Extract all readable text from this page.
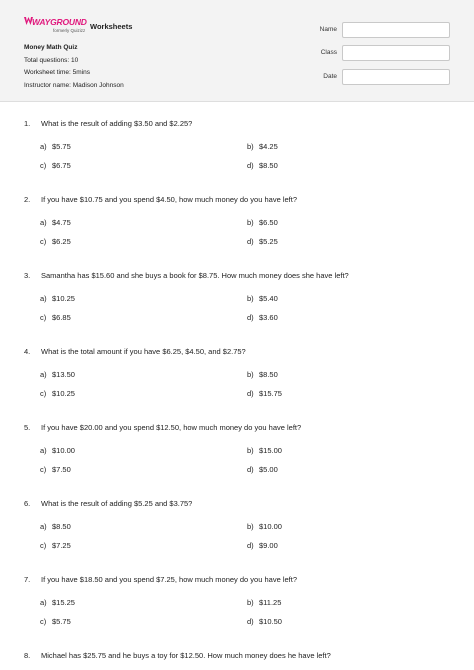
WAYGROUND
formerly Quizizz Worksheets
Money Math Quiz
Total questions: 10
Worksheet time: 5mins
Instructor name: Madison Johnson
Name
Class
Date
1.	What is the result of adding $3.50 and $2.25?
a) $5.75	b) $4.25
c) $6.75	d) $8.50
2.	If you have $10.75 and you spend $4.50, how much money do you have left?
a) $4.75	b) $6.50
c) $6.25	d) $5.25
3.	Samantha has $15.60 and she buys a book for $8.75. How much money does she have left?
a) $10.25	b) $5.40
c) $6.85	d) $3.60
4.	What is the total amount if you have $6.25, $4.50, and $2.75?
a) $13.50	b) $8.50
c) $10.25	d) $15.75
5.	If you have $20.00 and you spend $12.50, how much money do you have left?
a) $10.00	b) $15.00
c) $7.50	d) $5.00
6.	What is the result of adding $5.25 and $3.75?
a) $8.50	b) $10.00
c) $7.25	d) $9.00
7.	If you have $18.50 and you spend $7.25, how much money do you have left?
a) $15.25	b) $11.25
c) $5.75	d) $10.50
8.	Michael has $25.75 and he buys a toy for $12.50. How much money does he have left?
